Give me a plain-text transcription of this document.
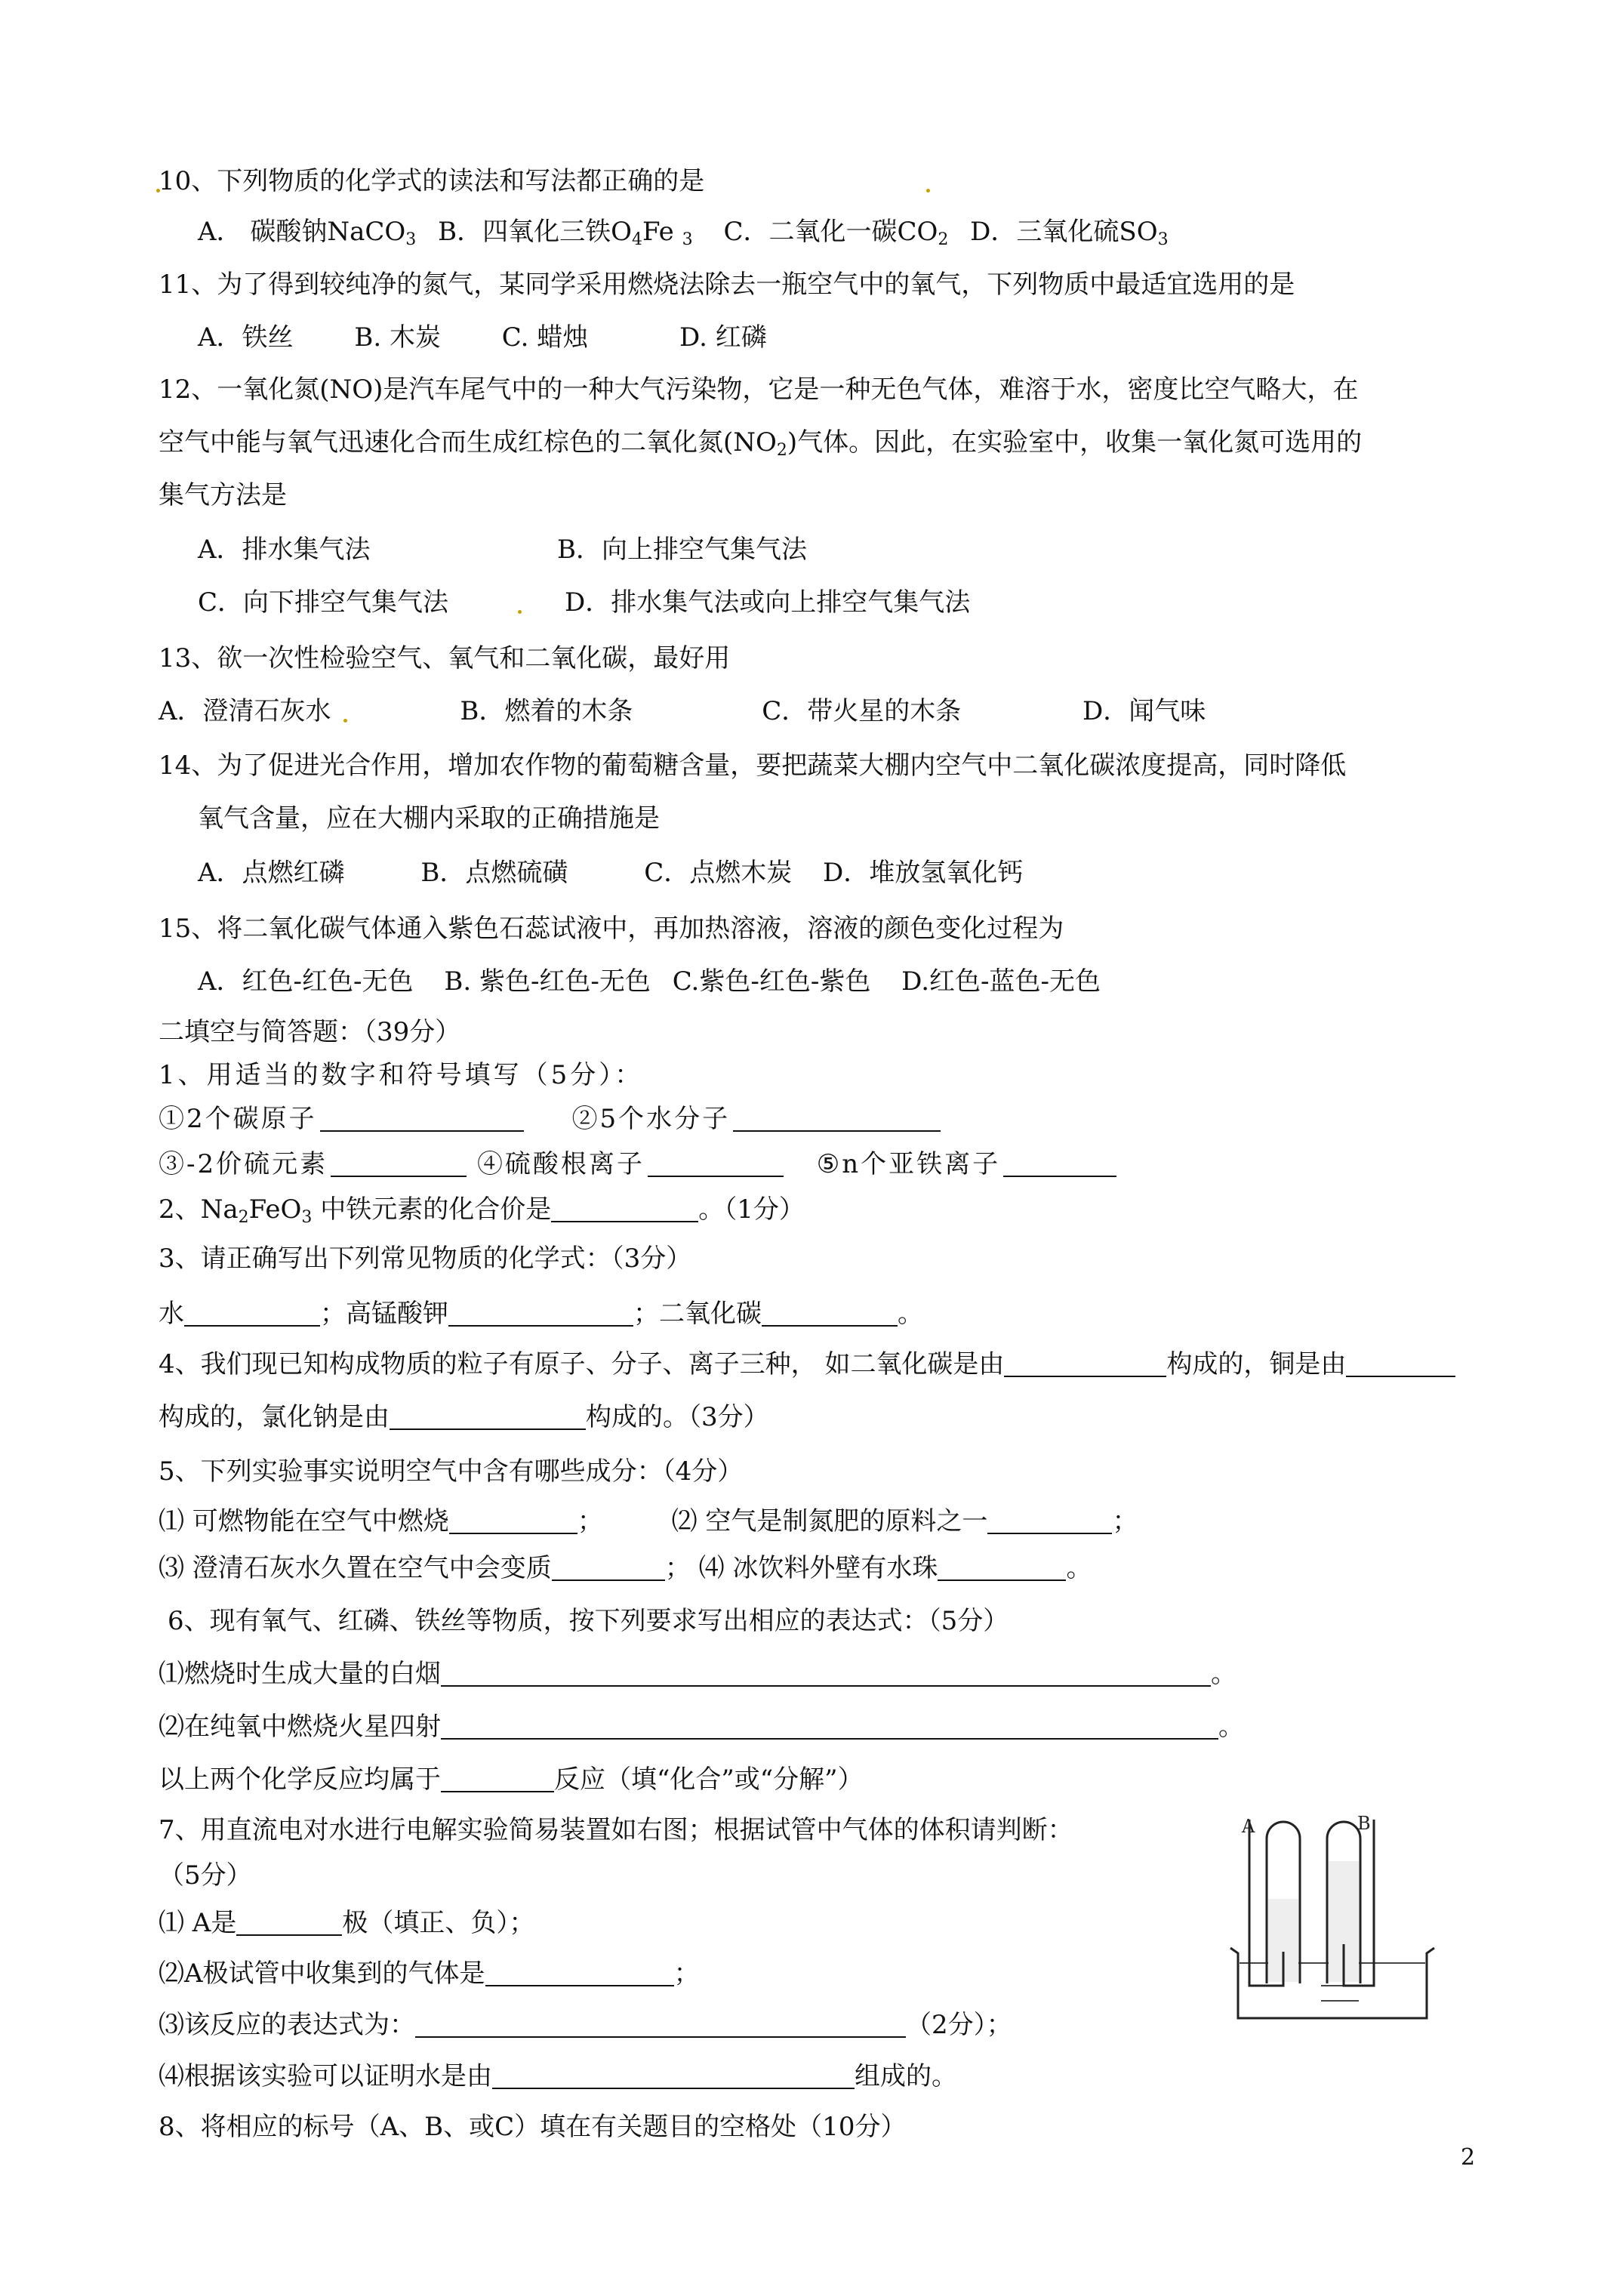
10、下列物质的化学式的读法和写法都正确的是
A． 碳酸钠NaCO$_3$ B．四氧化三铁$O_4Fe$ $_3$ C．二氧化一碳$CO_2$ D．三氧化硫$SO_3$
11、为了得到较纯净的氮气，某同学采用燃烧法除去一瓶空气中的氧气，下列物质中最适宜选用的是
A．铁丝 B. 木炭 C. 蜡烛	D. 红磷
12、一氧化氮(NO)是汽车尾气中的一种大气污染物，它是一种无色气体，难溶于水，密度比空气略大，在
空气中能与氧气迅速化合而生成红棕色的二氧化氮$(NO_2)$气体。因此，在实验室中，收集一氧化氮可选用的
集气方法是
A．排水集气法	B．向上排空气集气法
C．向下排空气集气法	D．排水集气法或向上排空气集气法
13、欲一次性检验空气、氧气和二氧化碳，最好用
A．澄清石灰水	B．燃着的木条	C．带火星的木条	D．闻气味
14、为了促进光合作用，增加农作物的葡萄糖含量，要把蔬菜大棚内空气中二氧化碳浓度提高，同时降低
氧气含量，应在大棚内采取的正确措施是
A．点燃红磷	B．点燃硫磺	C．点燃木炭 D．堆放氢氧化钙
15、将二氧化碳气体通入紫色石蕊试液中，再加热溶液，溶液的颜色变化过程为
A．红色-红色-无色 B. 紫色-红色-无色 C.紫色-红色-紫色 D.红色-蓝色-无色
二填空与简答题：（39分）
1、用适当的数字和符号填写（5分）：
①2个碳原子	②5个水分子
③-2价硫元素	④硫酸根离子	⑤n个亚铁离子
2、$Na_2FeO_3$ 中铁元素的化合价是	。（1分）
3、请正确写出下列常见物质的化学式：（3分）
水	；高锰酸钾	；二氧化碳	。
4、我们现已知构成物质的粒子有原子、分子、离子三种， 如二氧化碳是由	构成的，铜是由
构成的，氯化钠是由	构成的。（3分）
5、下列实验事实说明空气中含有哪些成分：（4分）
⑴ 可燃物能在空气中燃烧	；	⑵ 空气是制氮肥的原料之一	；
⑶ 澄清石灰水久置在空气中会变质	； ⑷ 冰饮料外壁有水珠	。
6、现有氧气、红磷、铁丝等物质，按下列要求写出相应的表达式：（5分）
⑴燃烧时生成大量的白烟	。
⑵在纯氧中燃烧火星四射	。
以上两个化学反应均属于	反应（填“化合”或“分解”）
7、用直流电对水进行电解实验简易装置如右图；根据试管中气体的体积请判断：
（5分）
⑴ A是	极（填正、负）；
⑵A极试管中收集到的气体是	；
⑶该反应的表达式为：	（2分）；
⑷根据该实验可以证明水是由	组成的。
A	B
8、将相应的标号（A、B、或C）填在有关题目的空格处（10分）
2
